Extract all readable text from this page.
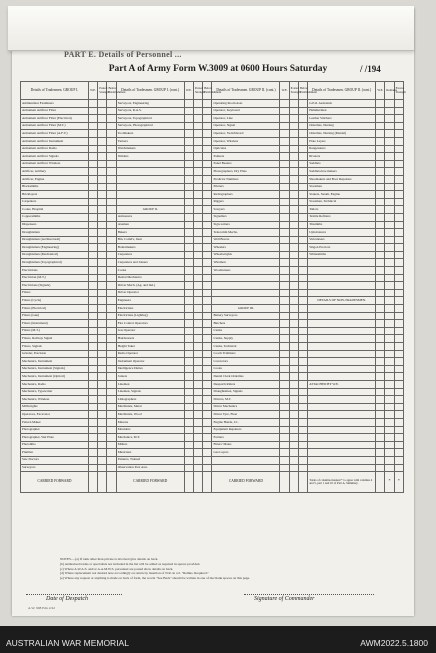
PART E. Details of Personnel ...
Part A of Army Form W.3009 at 0600 Hours Saturday	/ /194
Details of Tradesmen. GROUP I.	W.E.	Posted Strength	Below Establishment	Details of Tradesmen. GROUP I. (cont.)	W.E.	Posted Strength	Below Establishment	Details of Tradesmen. GROUP II. (cont.)	W.E.	Posted Strength	Below Establishment	Details of Tradesmen. GROUP II. (cont.)	W.E.	Remarks	Excess Strength
Ammunition Examiners				Surveyors, Engineering				Operating Room Asst.				G.P.O. Assistants			
Armament Artificer Fitter				Surveyors, R.A.S.				Operator, Keyboard				Hammermen			
Armament Artificer Fitter (Electrical)				Surveyors, Topographical				Operator, Line				Leather Stitchers			
Armament Artificer Fitter (M.T.)				Surveyors, Photographical				Operator, Signal				Orderlies, Nursing			
Armament Artificer Fitter (A.F.V.)				Toolmakers				Operator, Switchboard				Orderlies, Nursing (Mental)			
Armament Artificer Instrument				Turners				Operator, Wireless				Plate Layers			
Armament Artificer Radio				Watchmakers				Opticians				Rangetakers			
Armament Artificer Signals				Welders				Painters				Riveters			
Armament Artificer Wireless								Panel Beaters				Saddlers			
Artificer, Artillery								Photographers, Dry Plate				Saddlers/tree makers			
Artificer, Engine								Predictor Numbers				Shoemakers and Boot Repairers			
Blacksmiths								Printers				Storemen			
Bricklayers								Radiographers				Stokers, Steam, Engine			
Carpenters								Riggers				Storemen, Technical			
Cooks, Hospital				GROUP II.				Sawyers				Tailors			
Coppersmiths				Armourers				Signallers				Textile Refitters			
Dispensers				Axemen				Sign-writers				Tinsmiths			
Draughtsmen				Bakers				Telecomm Mechs.				Upholsterers			
Draughtsmen (Architectural)				Btn. Comd's, Insd.				Well Borers				Vulcanisers			
Draughtsmen (Engineering)				Boilermakers				Wheelers				Wagon Erectors			
Draughtsmen (Mechanical)				Carpenters				Wheelwrights				Whitesmiths			
Draughtsmen (Topographical)				Carpenters and Joiners				Wiremen							
Electricians				Cooks				Woodturners							
Electrician (M.T.)				Dental Mechanics											
Electricians (Signals)				Driver Mech. (Ag. and Ind.)											
Fitters				Driver Operator											
Fitters (Cycle)				Engineers								DETAILS OF NON-TRADESMEN.			
Fitters (Electrical)				Electricians				GROUP III.							
Fitters (Gun)				Electricians (Lighting)				Battery Surveyors							
Fitters (Instrument)				Fire Control Operators				Butchers							
Fitters (M.T.)				Gas Operator				Clerks							
Fitters, Railway Signal				Hairdressers				Clerks, Supply							
Fitters, Signals				Height Taker				Clerks, Technical							
Grinder, Precision				Radio Operator				Coach Trimmers							
Mechanics, Instrument				Instrument Operator				Concretors							
Mechanics, Instrument (Signals)				Intelligence Duties				Cooks							
Mechanics, Instrument (Optical)				Joiners				Dental Clerk Orderlies							
Mechanics, Radio				Linemen				Despatch Riders				ATTACHED BY W.E.			
Mechanics, Typewriter				Linemen, Signals				Draughtsmen, Signals							
Mechanics, Wireless				Lithographers				Drivers, M.T.							
Millwrights				Machinists, Metal				Driver Mechanics							
Operators, Excavator				Machinists, Wood				Driver Tyre, Fleet							
Pattern Maker				Masons				Engine Hands, I.C.							
Photographer				Moulders				Equipment Repairers							
Photographer, Wet Plate				Mechanics, M.T.				Farriers							
Photolitho				Millers				Fitters' Mates							
Plumber				Musicians				Gas Layers							
Saw Doctors				Painters, Trained											
Surveyors				Observation Post Asst.											
CARRIED FORWARD				CARRIED FORWARD				CARRIED FORWARD				Totals of columns marked * to agree with columns 4 and 5, part 1 and 10 of Part A, Summary.		*	*
NOTES.—(a) If rank other than private is involved give details on back.
(b) Authorised trades or specialists not included in the list will be added as required in spaces provided.
(c) Where A.W.A.S. and/or A.A.M.W.S. personnel are posted show details on back.
(d) Where replacement not desired note accordingly on return by insertion of N.R. in col. "Remks. Required."
(e) Where any request or anything is made on back of form, the words "See Back" should be written in one of the blank spaces on this page.
Date of Despatch	Signature of Commander
A.W. 998 Edn 2/42
AUSTRALIAN WAR MEMORIAL	AWM2022.5.1800
